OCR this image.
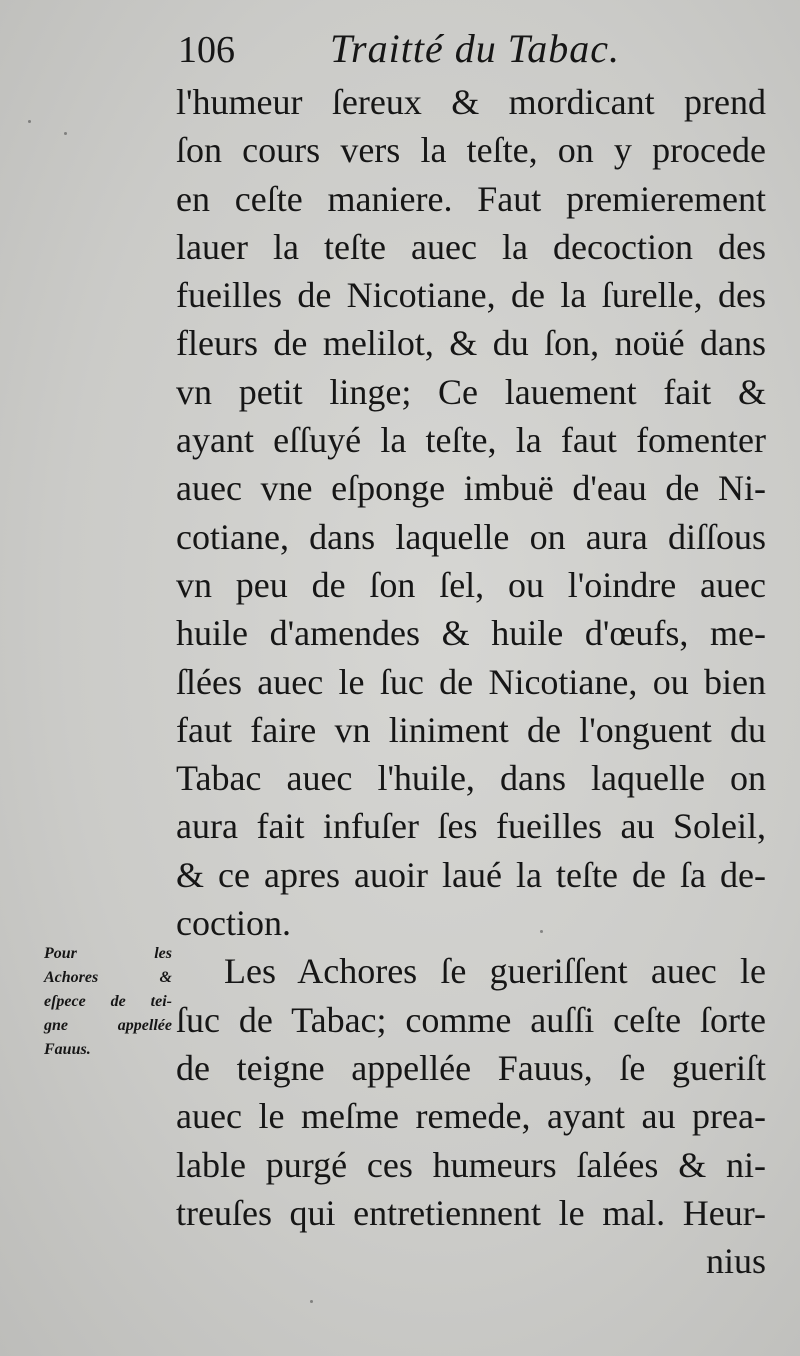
106 Traitté du Tabac.
l'humeur ſereux & mordicant prend
ſon cours vers la teſte, on y procede
en ceſte maniere. Faut premierement
lauer la teſte auec la decoction des
fueilles de Nicotiane, de la ſurelle, des
fleurs de melilot, & du ſon, noüé dans
vn petit linge; Ce lauement fait &
ayant eſſuyé la teſte, la faut fomenter
auec vne eſponge imbuë d'eau de Ni-
cotiane, dans laquelle on aura diſſous
vn peu de ſon ſel, ou l'oindre auec
huile d'amendes & huile d'œufs, me-
ſlées auec le ſuc de Nicotiane, ou bien
faut faire vn liniment de l'onguent du
Tabac auec l'huile, dans laquelle on
aura fait infuſer ſes fueilles au Soleil,
& ce apres auoir laué la teſte de ſa de-
coction.
Les Achores ſe gueriſſent auec le
ſuc de Tabac; comme auſſi ceſte ſorte
de teigne appellée Fauus, ſe gueriſt
auec le meſme remede, ayant au prea-
lable purgé ces humeurs ſalées & ni-
treuſes qui entretiennent le mal. Heur-
nius
Pour les
Achores &
eſpece de tei-
gne appellée
Fauus.
